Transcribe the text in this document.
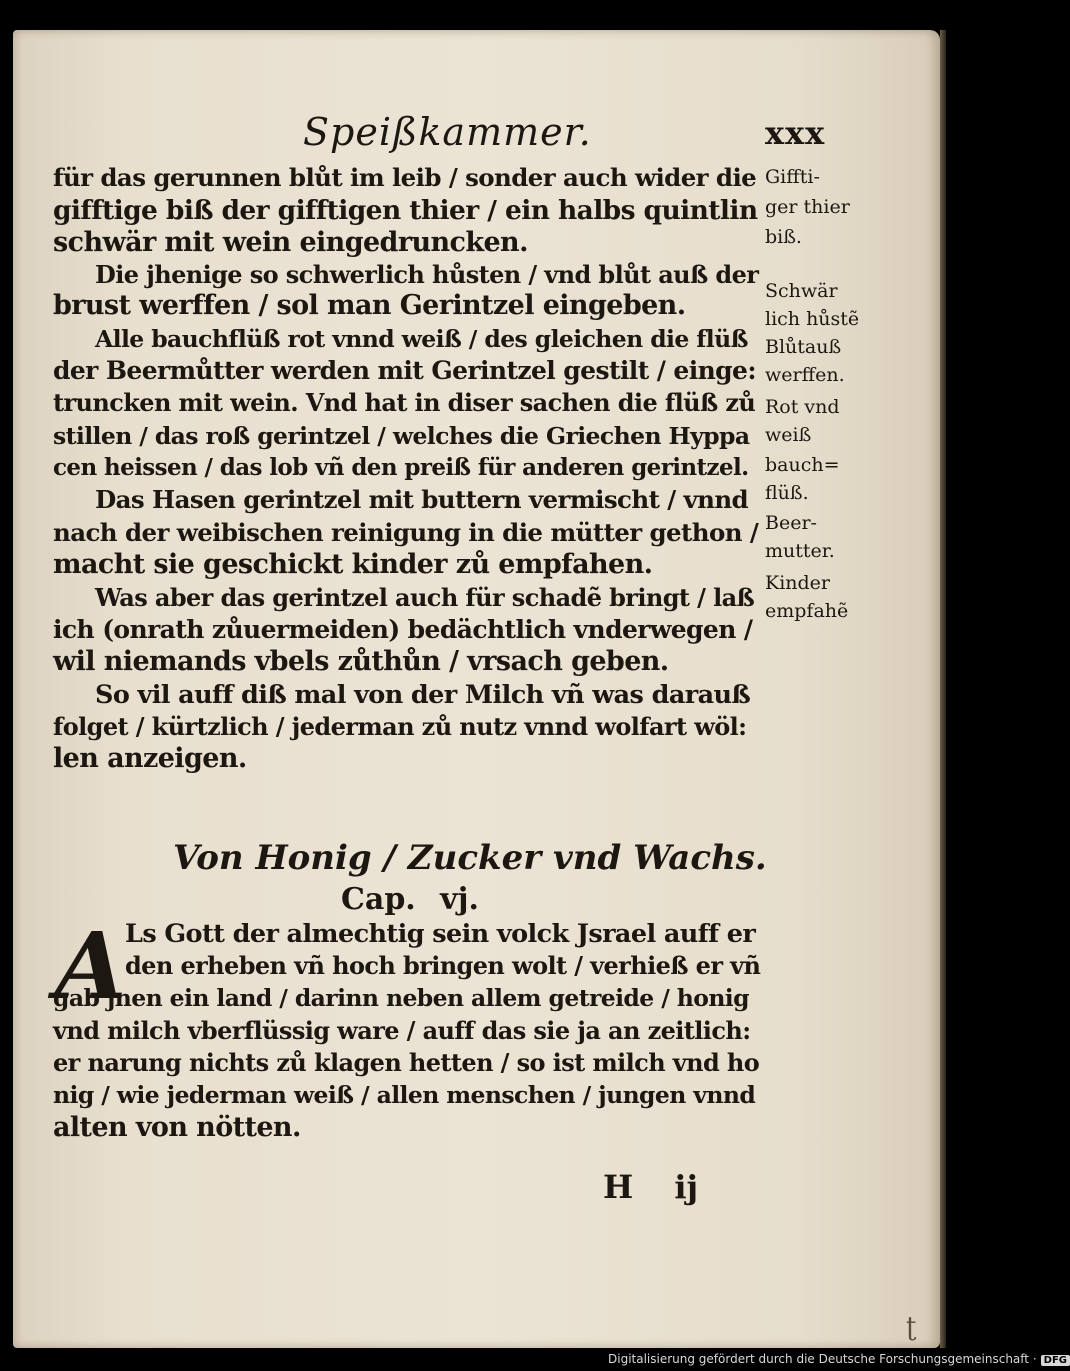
Speißkammer.	xxx
für das gerunnen blůt im leib / sonder auch wider die
gifftige biß der gifftigen thier / ein halbs quintlin
schwär mit wein eingedruncken.
Die jhenige so schwerlich hůsten / vnd blůt auß der
brust werffen / sol man Gerintzel eingeben.
Alle bauchflüß rot vnnd weiß / des gleichen die flüß
der Beermůtter werden mit Gerintzel gestilt / einge:
truncken mit wein. Vnd hat in diser sachen die flüß zů
stillen / das roß gerintzel / welches die Griechen Hyppa
cen heissen / das lob vñ den preiß für anderen gerintzel.
Das Hasen gerintzel mit buttern vermischt / vnnd
nach der weibischen reinigung in die mütter gethon /
macht sie geschickt kinder zů empfahen.
Was aber das gerintzel auch für schadẽ bringt / laß
ich (onrath zůuermeiden) bedächtlich vnderwegen /
wil niemands vbels zůthůn / vrsach geben.
So vil auff diß mal von der Milch vñ was darauß
folget / kürtzlich / jederman zů nutz vnnd wolfart wöl:
len anzeigen.
Giffti-
ger thier
biß.
Schwär
lich hůstẽ
Blůtauß
werffen.
Rot vnd
weiß
bauch=
flüß.
Beer-
mutter.
Kinder
empfahẽ
Von Honig / Zucker vnd Wachs.
Cap. vj.
A
Ls Gott der almechtig sein volck Jsrael auff er
den erheben vñ hoch bringen wolt / verhieß er vñ
gab jnen ein land / darinn neben allem getreide / honig
vnd milch vberflüssig ware / auff das sie ja an zeitlich:
er narung nichts zů klagen hetten / so ist milch vnd ho
nig / wie jederman weiß / allen menschen / jungen vnnd
alten von nötten.
H ij
ʈ
Digitalisierung gefördert durch die Deutsche Forschungsgemeinschaft · DFG
